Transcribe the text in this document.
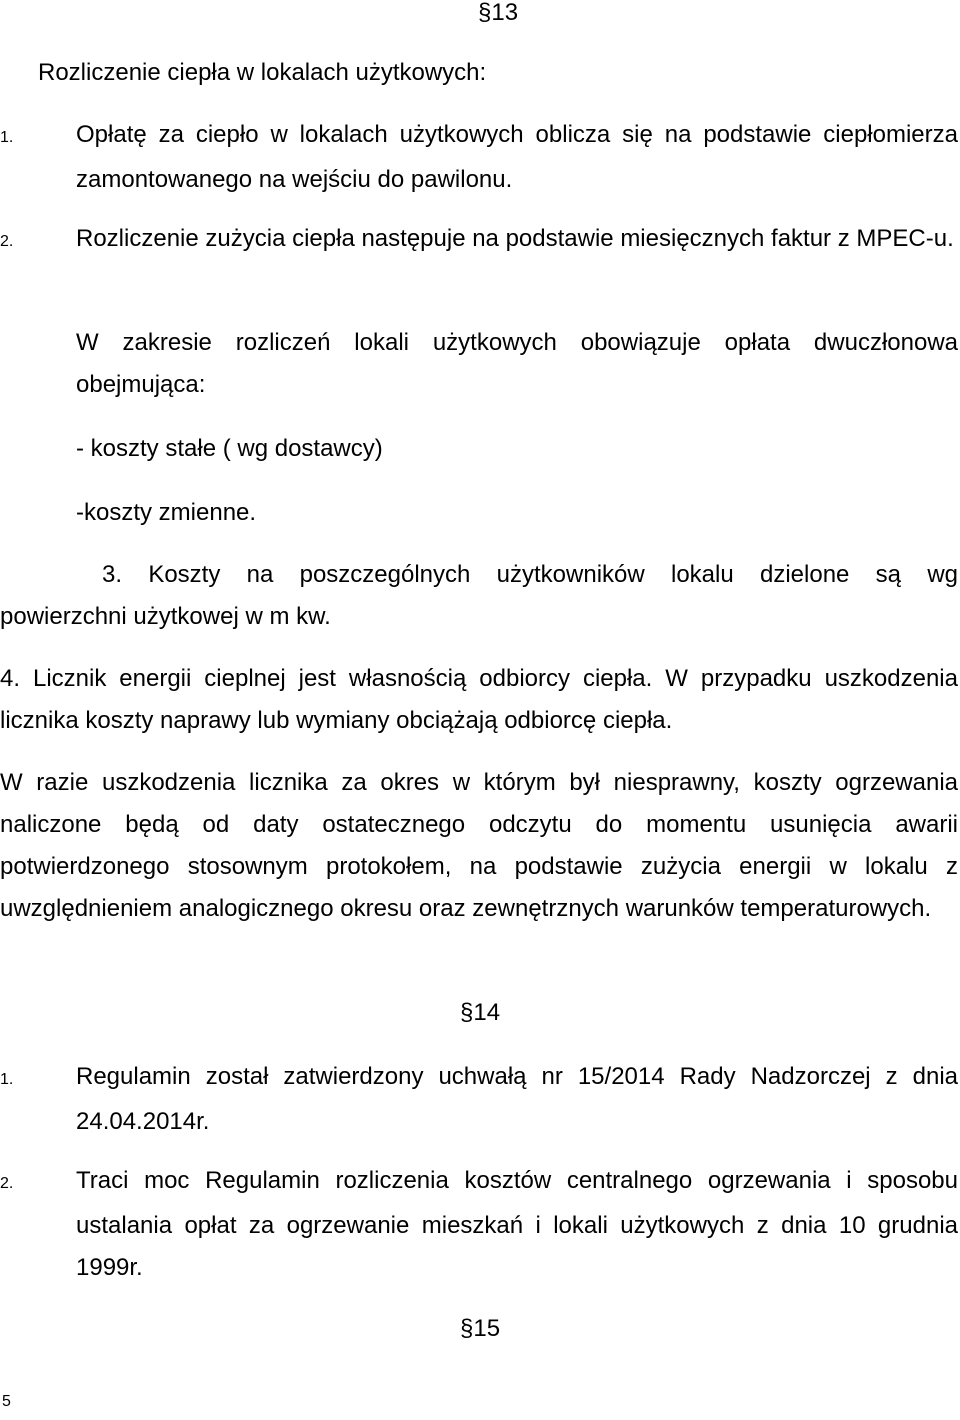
§13
Rozliczenie ciepła w lokalach użytkowych:
1.	Opłatę za ciepło w lokalach użytkowych oblicza się na podstawie ciepłomierza zamontowanego na wejściu do pawilonu.
2.	Rozliczenie zużycia ciepła następuje na podstawie miesięcznych faktur z MPEC-u.
W zakresie rozliczeń lokali użytkowych obowiązuje opłata dwuczłonowa obejmująca:
- koszty stałe ( wg dostawcy)
-koszty zmienne.
3. Koszty na poszczególnych użytkowników lokalu dzielone są wg
powierzchni użytkowej w m kw.
4. Licznik energii cieplnej jest własnością odbiorcy ciepła. W przypadku uszkodzenia licznika koszty naprawy lub wymiany obciążają odbiorcę ciepła.
W razie uszkodzenia licznika za okres w którym był niesprawny, koszty ogrzewania naliczone będą od daty ostatecznego odczytu do momentu usunięcia awarii potwierdzonego stosownym protokołem, na podstawie zużycia energii w lokalu z uwzględnieniem analogicznego okresu oraz zewnętrznych warunków temperaturowych.
§14
1.	Regulamin został zatwierdzony uchwałą nr 15/2014 Rady Nadzorczej z dnia 24.04.2014r.
2.	Traci moc Regulamin rozliczenia kosztów centralnego ogrzewania i sposobu ustalania opłat za ogrzewanie mieszkań i lokali użytkowych z dnia 10 grudnia 1999r.
§15
5
